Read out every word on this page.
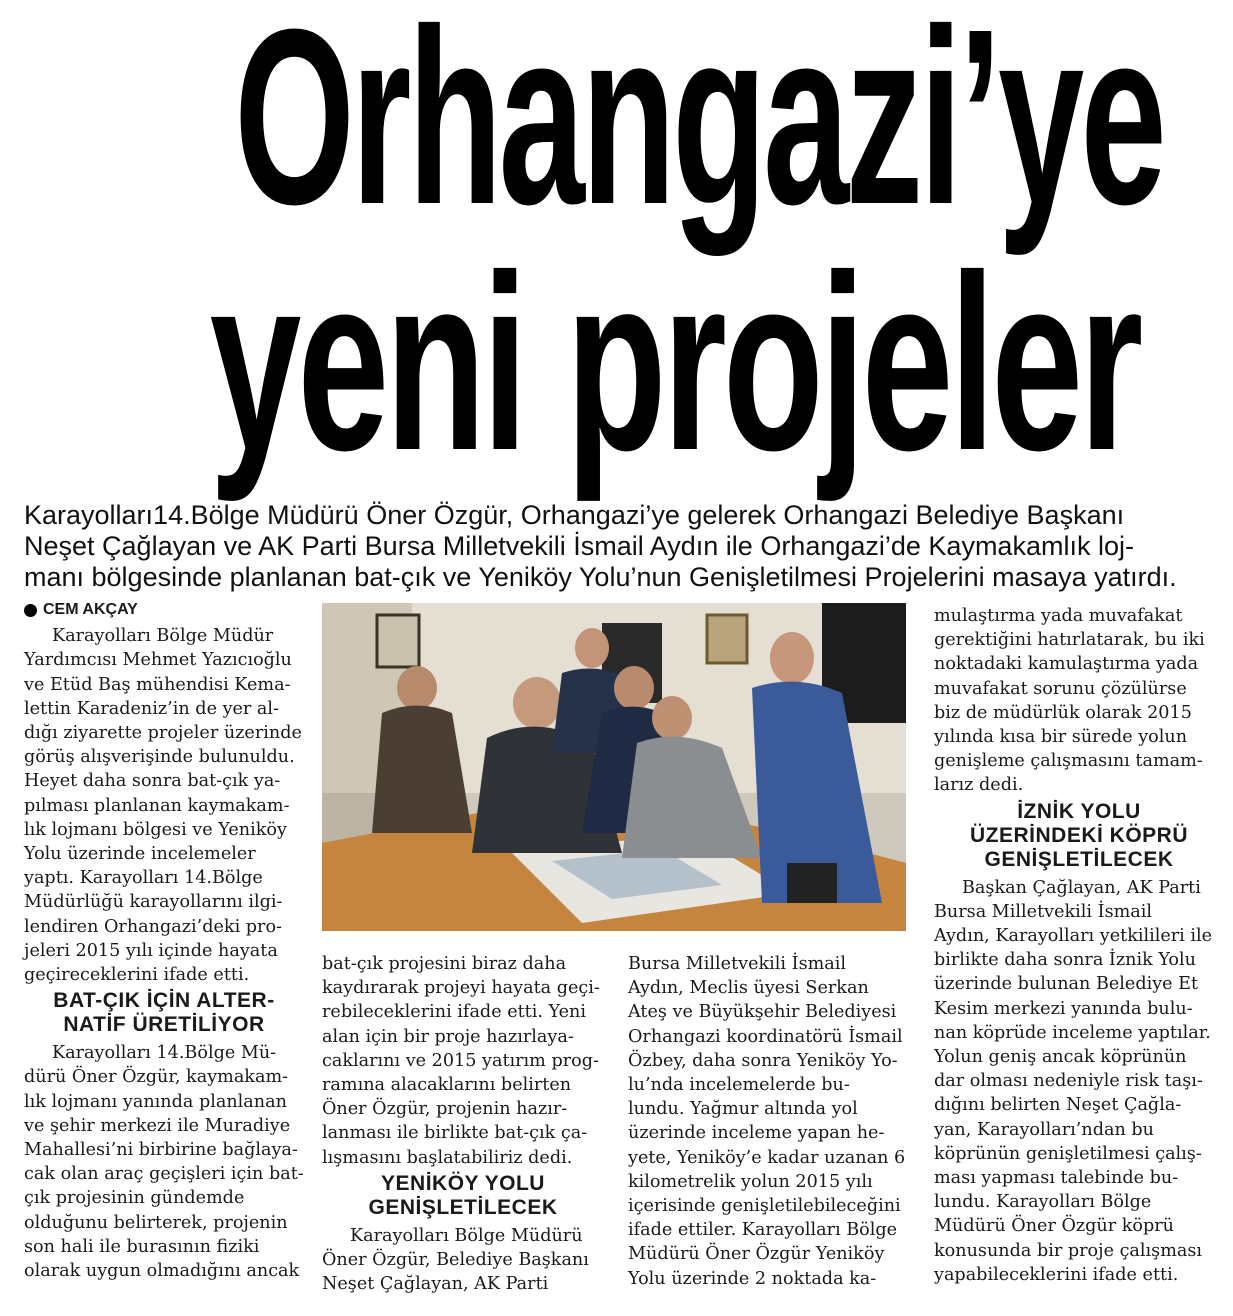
Orhangazi’ye
yeni projeler
Karayolları14.Bölge Müdürü Öner Özgür, Orhangazi’ye gelerek Orhangazi Belediye Başkanı
Neşet Çağlayan ve AK Parti Bursa Milletvekili İsmail Aydın ile Orhangazi’de Kaymakamlık loj-
manı bölgesinde planlanan bat-çık ve Yeniköy Yolu’nun Genişletilmesi Projelerini masaya yatırdı.
CEM AKÇAY
Karayolları Bölge Müdür
Yardımcısı Mehmet Yazıcıoğlu
ve Etüd Baş mühendisi Kema-
lettin Karadeniz’in de yer al-
dığı ziyarette projeler üzerinde
görüş alışverişinde bulunuldu.
Heyet daha sonra bat-çık ya-
pılması planlanan kaymakam-
lık lojmanı bölgesi ve Yeniköy
Yolu üzerinde incelemeler
yaptı. Karayolları 14.Bölge
Müdürlüğü karayollarını ilgi-
lendiren Orhangazi’deki pro-
jeleri 2015 yılı içinde hayata
geçireceklerini ifade etti.
BAT-ÇIK İÇİN ALTER-
NATİF ÜRETİLİYOR
Karayolları 14.Bölge Mü-
dürü Öner Özgür, kaymakam-
lık lojmanı yanında planlanan
ve şehir merkezi ile Muradiye
Mahallesi’ni birbirine bağlaya-
cak olan araç geçişleri için bat-
çık projesinin gündemde
olduğunu belirterek, projenin
son hali ile burasının fiziki
olarak uygun olmadığını ancak
bat-çık projesini biraz daha
kaydırarak projeyi hayata geçi-
rebileceklerini ifade etti. Yeni
alan için bir proje hazırlaya-
caklarını ve 2015 yatırım prog-
ramına alacaklarını belirten
Öner Özgür, projenin hazır-
lanması ile birlikte bat-çık ça-
lışmasını başlatabiliriz dedi.
YENİKÖY YOLU
GENİŞLETİLECEK
Karayolları Bölge Müdürü
Öner Özgür, Belediye Başkanı
Neşet Çağlayan, AK Parti
Bursa Milletvekili İsmail
Aydın, Meclis üyesi Serkan
Ateş ve Büyükşehir Belediyesi
Orhangazi koordinatörü İsmail
Özbey, daha sonra Yeniköy Yo-
lu’nda incelemelerde bu-
lundu. Yağmur altında yol
üzerinde inceleme yapan he-
yete, Yeniköy’e kadar uzanan 6
kilometrelik yolun 2015 yılı
içerisinde genişletilebileceğini
ifade ettiler. Karayolları Bölge
Müdürü Öner Özgür Yeniköy
Yolu üzerinde 2 noktada ka-
mulaştırma yada muvafakat
gerektiğini hatırlatarak, bu iki
noktadaki kamulaştırma yada
muvafakat sorunu çözülürse
biz de müdürlük olarak 2015
yılında kısa bir sürede yolun
genişleme çalışmasını tamam-
larız dedi.
İZNİK YOLU
ÜZERİNDEKİ KÖPRÜ
GENİŞLETİLECEK
Başkan Çağlayan, AK Parti
Bursa Milletvekili İsmail
Aydın, Karayolları yetkilileri ile
birlikte daha sonra İznik Yolu
üzerinde bulunan Belediye Et
Kesim merkezi yanında bulu-
nan köprüde inceleme yaptılar.
Yolun geniş ancak köprünün
dar olması nedeniyle risk taşı-
dığını belirten Neşet Çağla-
yan, Karayolları’ndan bu
köprünün genişletilmesi çalış-
ması yapması talebinde bu-
lundu. Karayolları Bölge
Müdürü Öner Özgür köprü
konusunda bir proje çalışması
yapabileceklerini ifade etti.
